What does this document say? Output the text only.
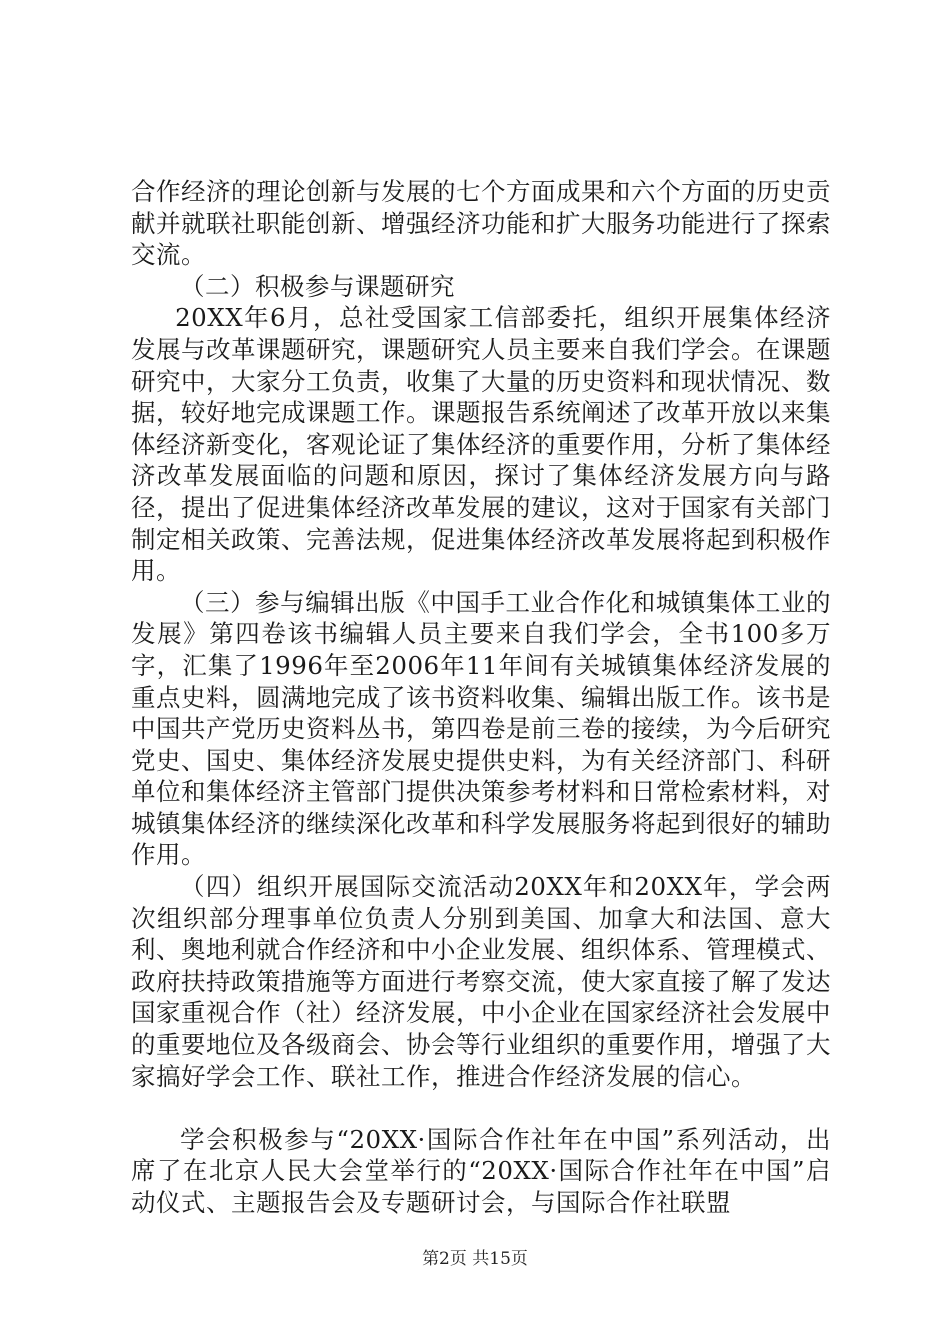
合作经济的理论创新与发展的七个方面成果和六个方面的历史贡献并就联社职能创新、增强经济功能和扩大服务功能进行了探索交流。

（二）积极参与课题研究

20XX年6月，总社受国家工信部委托，组织开展集体经济发展与改革课题研究，课题研究人员主要来自我们学会。在课题研究中，大家分工负责，收集了大量的历史资料和现状情况、数据，较好地完成课题工作。课题报告系统阐述了改革开放以来集体经济新变化，客观论证了集体经济的重要作用，分析了集体经济改革发展面临的问题和原因，探讨了集体经济发展方向与路径，提出了促进集体经济改革发展的建议，这对于国家有关部门制定相关政策、完善法规，促进集体经济改革发展将起到积极作用。

（三）参与编辑出版《中国手工业合作化和城镇集体工业的发展》第四卷该书编辑人员主要来自我们学会，全书100多万字，汇集了1996年至2006年11年间有关城镇集体经济发展的重点史料，圆满地完成了该书资料收集、编辑出版工作。该书是中国共产党历史资料丛书，第四卷是前三卷的接续，为今后研究党史、国史、集体经济发展史提供史料，为有关经济部门、科研单位和集体经济主管部门提供决策参考材料和日常检索材料，对城镇集体经济的继续深化改革和科学发展服务将起到很好的辅助作用。

（四）组织开展国际交流活动20XX年和20XX年，学会两次组织部分理事单位负责人分别到美国、加拿大和法国、意大利、奥地利就合作经济和中小企业发展、组织体系、管理模式、政府扶持政策措施等方面进行考察交流，使大家直接了解了发达国家重视合作（社）经济发展，中小企业在国家经济社会发展中的重要地位及各级商会、协会等行业组织的重要作用，增强了大家搞好学会工作、联社工作，推进合作经济发展的信心。

学会积极参与“20XX·国际合作社年在中国”系列活动，出席了在北京人民大会堂举行的“20XX·国际合作社年在中国”启动仪式、主题报告会及专题研讨会，与国际合作社联盟

第2页 共15页
